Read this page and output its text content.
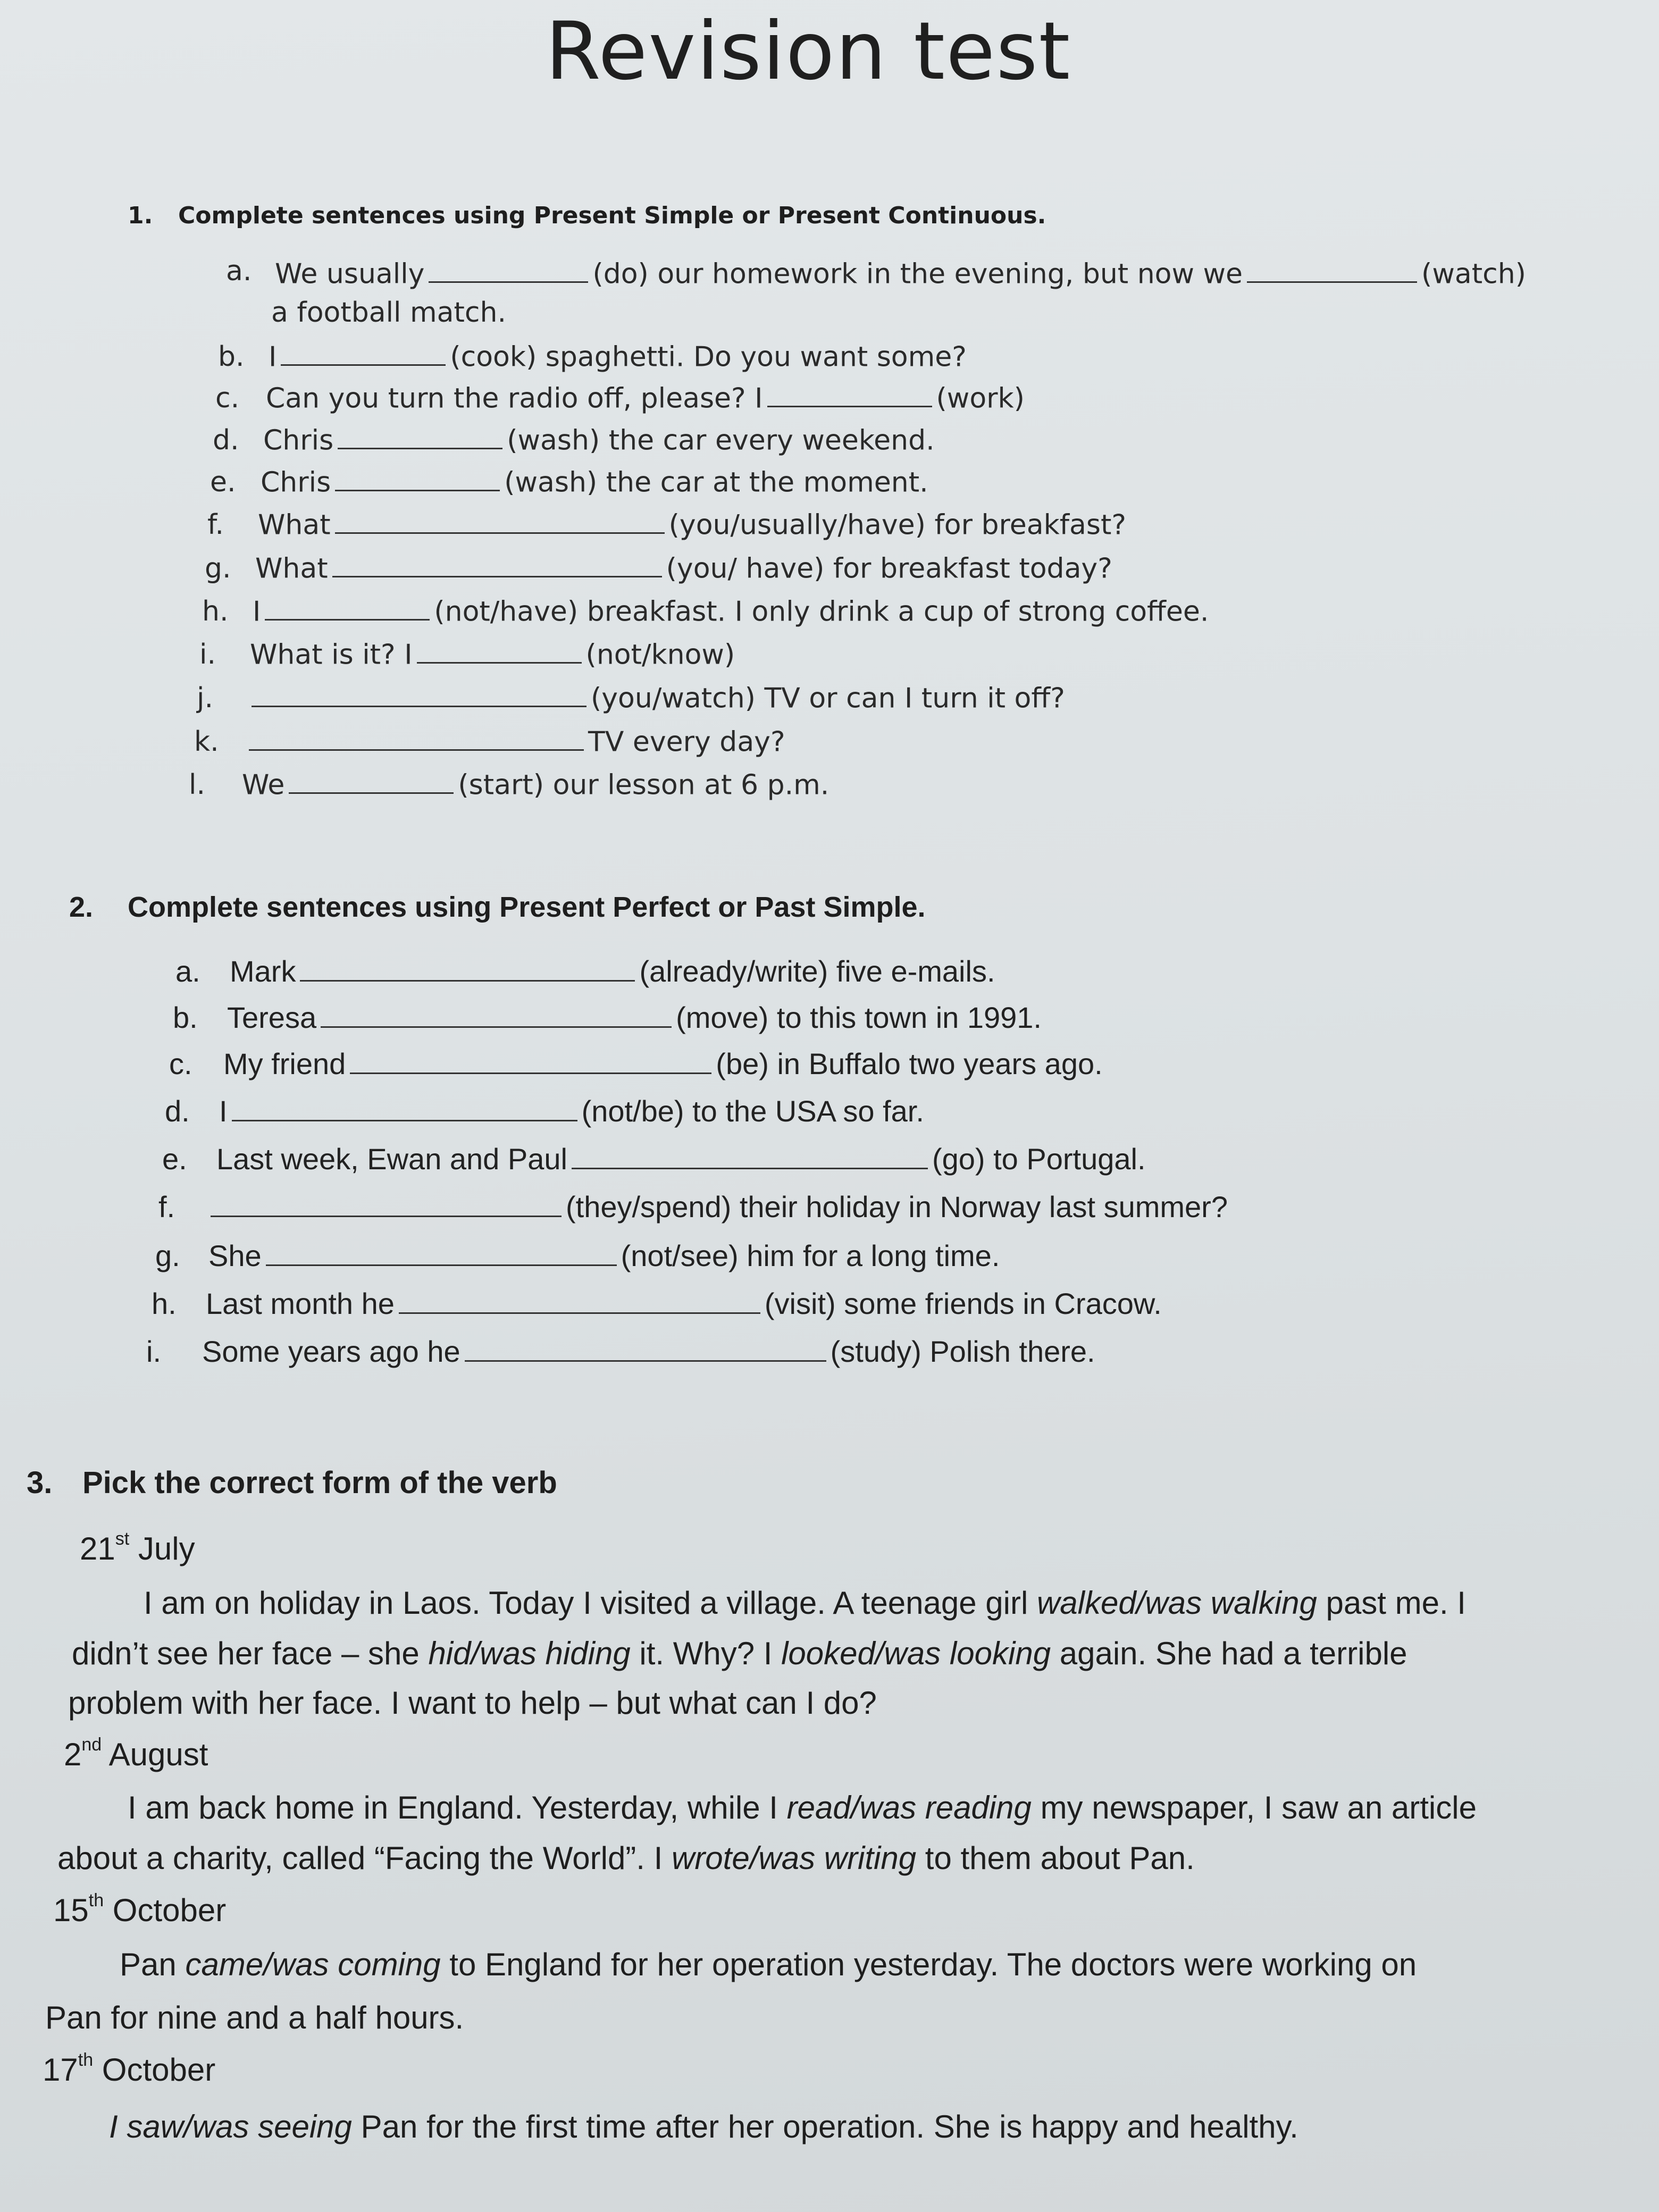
Revision test
1. Complete sentences using Present Simple or Present Continuous.
a. We usually	(do) our homework in the evening, but now we	(watch)
a football match.
b. I	(cook) spaghetti. Do you want some?
c. Can you turn the radio off, please? I	(work)
d. Chris	(wash) the car every weekend.
e. Chris	(wash) the car at the moment.
f. What	(you/usually/have) for breakfast?
g. What	(you/ have) for breakfast today?
h. I	(not/have) breakfast. I only drink a cup of strong coffee.
i. What is it? I	(not/know)
j.	(you/watch) TV or can I turn it off?
k.	TV every day?
l. We	(start) our lesson at 6 p.m.
2. Complete sentences using Present Perfect or Past Simple.
a. Mark	(already/write) five e-mails.
b. Teresa	(move) to this town in 1991.
c. My friend	(be) in Buffalo two years ago.
d. I	(not/be) to the USA so far.
e. Last week, Ewan and Paul	(go) to Portugal.
f.	(they/spend) their holiday in Norway last summer?
g. She	(not/see) him for a long time.
h. Last month he	(visit) some friends in Cracow.
i. Some years ago he	(study) Polish there.
3. Pick the correct form of the verb
21st July
I am on holiday in Laos. Today I visited a village. A teenage girl walked/was walking past me. I
didn’t see her face – she hid/was hiding it. Why? I looked/was looking again. She had a terrible
problem with her face. I want to help – but what can I do?
2nd August
I am back home in England. Yesterday, while I read/was reading my newspaper, I saw an article
about a charity, called “Facing the World”. I wrote/was writing to them about Pan.
15th October
Pan came/was coming to England for her operation yesterday. The doctors were working on
Pan for nine and a half hours.
17th October
I saw/was seeing Pan for the first time after her operation. She is happy and healthy.
